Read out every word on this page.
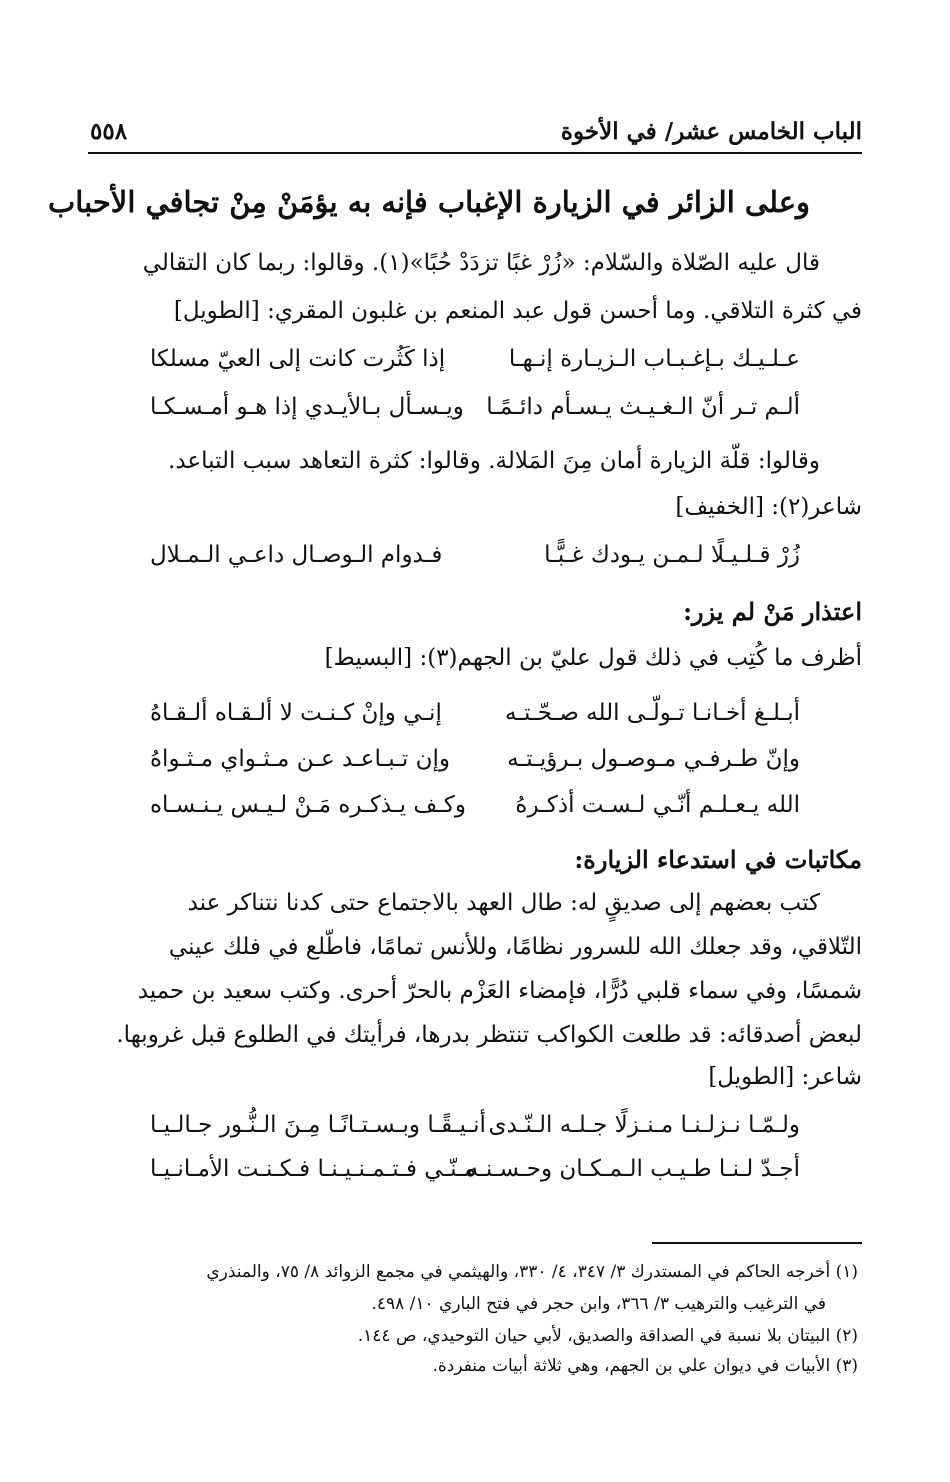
الباب الخامس عشر/ في الأخوة
٥٥٨
وعلى الزائر في الزيارة الإغباب فإنه به يؤمَنْ مِنْ تجافي الأحباب
قال عليه الصّلاة والسّلام: «زُرْ غبًا تزدَدْ حُبًا»(١). وقالوا: ربما كان التقالي
في كثرة التلاقي. وما أحسن قول عبد المنعم بن غلبون المقري: [الطويل]
عـلـيـك بـإغـبـاب الـزيـارة إنـهـا
إذا كَثُرت كانت إلى العيّ مسلكا
ألـم تـر أنّ الـغـيـث يـسـأم دائـمًـا
ويـسـأل بـالأيـدي إذا هـو أمـسـكـا
وقالوا: قلّة الزيارة أمان مِنَ المَلالة. وقالوا: كثرة التعاهد سبب التباعد.
شاعر(٢): [الخفيف]
زُرْ قـلـيـلًا لـمـن يـودك غـبًّـا
فـدوام الـوصـال داعـي الـمـلال
اعتذار مَنْ لم يزر:
أظرف ما كُتِب في ذلك قول عليّ بن الجهم(٣): [البسيط]
أبـلـغ أخـانـا تـولّـى الله صـحّـتـه
إنـي وإنْ كـنـت لا ألـقـاه ألـقـاهُ
وإنّ طـرفـي مـوصـول بـرؤيـتـه
وإن تـبـاعـد عـن مـثـواي مـثـواهُ
الله يـعـلـم أنّـي لـسـت أذكـرهُ
وكـف يـذكـره مَـنْ لـيـس يـنـسـاه
مكاتبات في استدعاء الزيارة:
كتب بعضهم إلى صديقٍ له: طال العهد بالاجتماع حتى كدنا نتناكر عند
التّلاقي، وقد جعلك الله للسرور نظامًا، وللأنس تمامًا، فاطّلع في فلك عيني
شمسًا، وفي سماء قلبي دُرًّا، فإمضاء العَزْم بالحرّ أحرى. وكتب سعيد بن حميد
لبعض أصدقائه: قد طلعت الكواكب تنتظر بدرها، فرأيتك في الطلوع قبل غروبها.
شاعر: [الطويل]
ولـمّـا نـزلـنـا مـنـزلًا جـلـه الـنّـدى
أنـيـقًـا وبـسـتـانًـا مِـنَ الـنُّـور جـالـيـا
أجـدّ لـنـا طـيـب الـمـكـان وحـسـنـه
مـنّـي فـتـمـنـيـنـا فـكـنـت الأمـانـيـا
(١) أخرجه الحاكم في المستدرك ٣/ ٣٤٧، ٤/ ٣٣٠، والهيثمي في مجمع الزوائد ٨/ ٧٥، والمنذري
في الترغيب والترهيب ٣/ ٣٦٦، وابن حجر في فتح الباري ١٠/ ٤٩٨.
(٢) البيتان بلا نسبة في الصداقة والصديق، لأبي حيان التوحيدي، ص ١٤٤.
(٣) الأبيات في ديوان علي بن الجهم، وهي ثلاثة أبيات منفردة.
